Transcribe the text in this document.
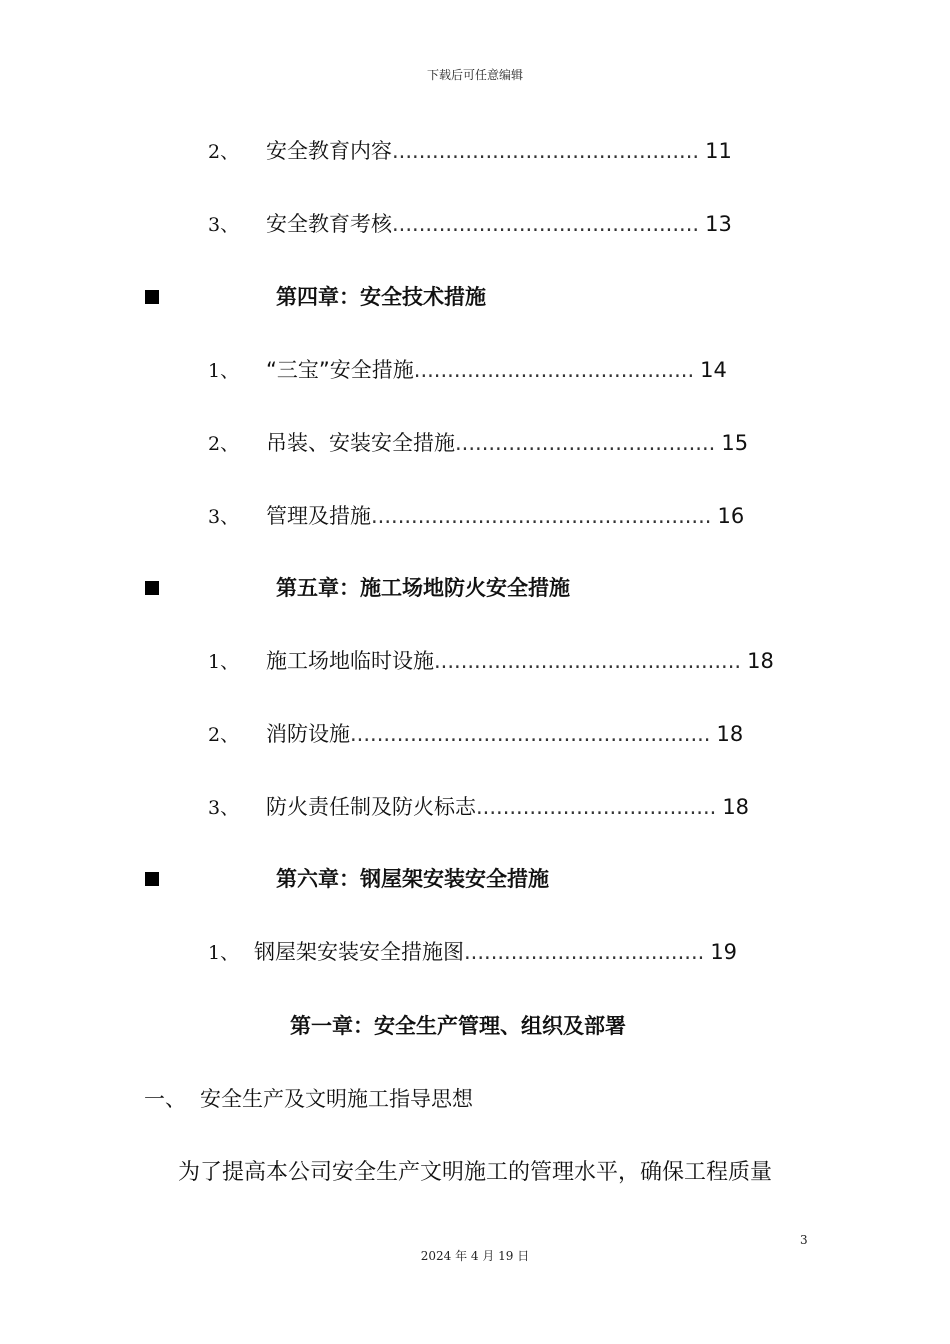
下载后可任意编辑
2、	安全教育内容 .............................................. 11
3、	安全教育考核 .............................................. 13
第四章：安全技术措施
1、	“三宝”安全措施 .......................................... 14
2、	吊装、安装安全措施 ....................................... 15
3、	管理及措施 ................................................... 16
第五章：施工场地防火安全措施
1、	施工场地临时设施 .............................................. 18
2、	消防设施 ...................................................... 18
3、	防火责任制及防火标志 .................................... 18
第六章：钢屋架安装安全措施
1、 钢屋架安装安全措施图 .................................... 19
第一章：安全生产管理、组织及部署
一、 安全生产及文明施工指导思想
为了提高本公司安全生产文明施工的管理水平，确保工程质量
3
2024 年 4 月 19 日
